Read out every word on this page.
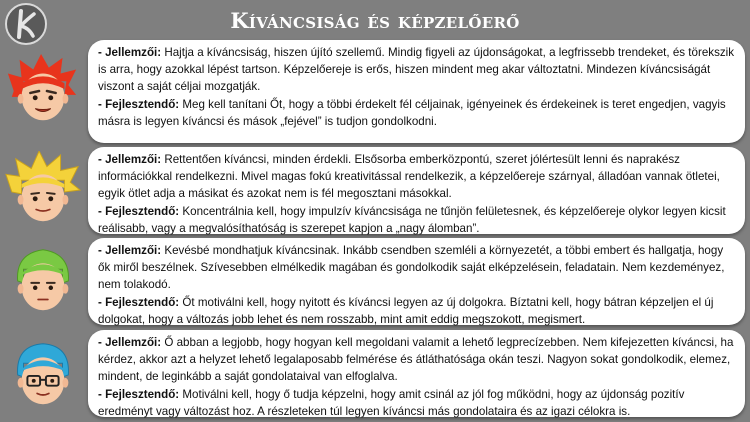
Kíváncsiság és képzelőerő

- Jellemzői: Hajtja a kíváncsiság, hiszen újító szellemű. Mindig figyeli az újdonságokat, a legfrissebb trendeket, és törekszik is arra, hogy azokkal lépést tartson. Képzelőereje is erős, hiszen mindent meg akar változtatni. Mindezen kíváncsiságát viszont a saját céljai mozgatják.

- Fejlesztendő: Meg kell tanítani Őt, hogy a többi érdekelt fél céljainak, igényeinek és érdekeinek is teret engedjen, vagyis másra is legyen kíváncsi és mások „fejével” is tudjon gondolkodni.

- Jellemzői: Rettentően kíváncsi, minden érdekli. Elsősorba emberközpontú, szeret jólértesült lenni és naprakész információkkal rendelkezni. Mivel magas fokú kreativitással rendelkezik, a képzelőereje szárnyal, álladóan vannak ötletei, egyik ötlet adja a másikat és azokat nem is fél megosztani másokkal.

- Fejlesztendő: Koncentrálnia kell, hogy impulzív kíváncsisága ne tűnjön felületesnek, és képzelőereje olykor legyen kicsit reálisabb, vagy a megvalósíthatóság is szerepet kapjon a „nagy álomban”.

- Jellemzői: Kevésbé mondhatjuk kíváncsinak. Inkább csendben szemléli a környezetét, a többi embert és hallgatja, hogy ők miről beszélnek. Szívesebben elmélkedik magában és gondolkodik saját elképzelésein, feladatain. Nem kezdeményez, nem tolakodó.

- Fejlesztendő: Őt motiválni kell, hogy nyitott és kíváncsi legyen az új dolgokra. Bíztatni kell, hogy bátran képzeljen el új dolgokat, hogy a változás jobb lehet és nem rosszabb, mint amit eddig megszokott, megismert.

- Jellemzői: Ő abban a legjobb, hogy hogyan kell megoldani valamit a lehető legprecízebben. Nem kifejezetten kíváncsi, ha kérdez, akkor azt a helyzet lehető legalaposabb felmérése és átláthatósága okán teszi. Nagyon sokat gondolkodik, elemez, mindent, de leginkább a saját gondolataival van elfoglalva.

- Fejlesztendő: Motiválni kell, hogy ő tudja képzelni, hogy amit csinál az jól fog működni, hogy az újdonság pozitív eredményt vagy változást hoz. A részleteken túl legyen kíváncsi más gondolataira és az igazi célokra is.
